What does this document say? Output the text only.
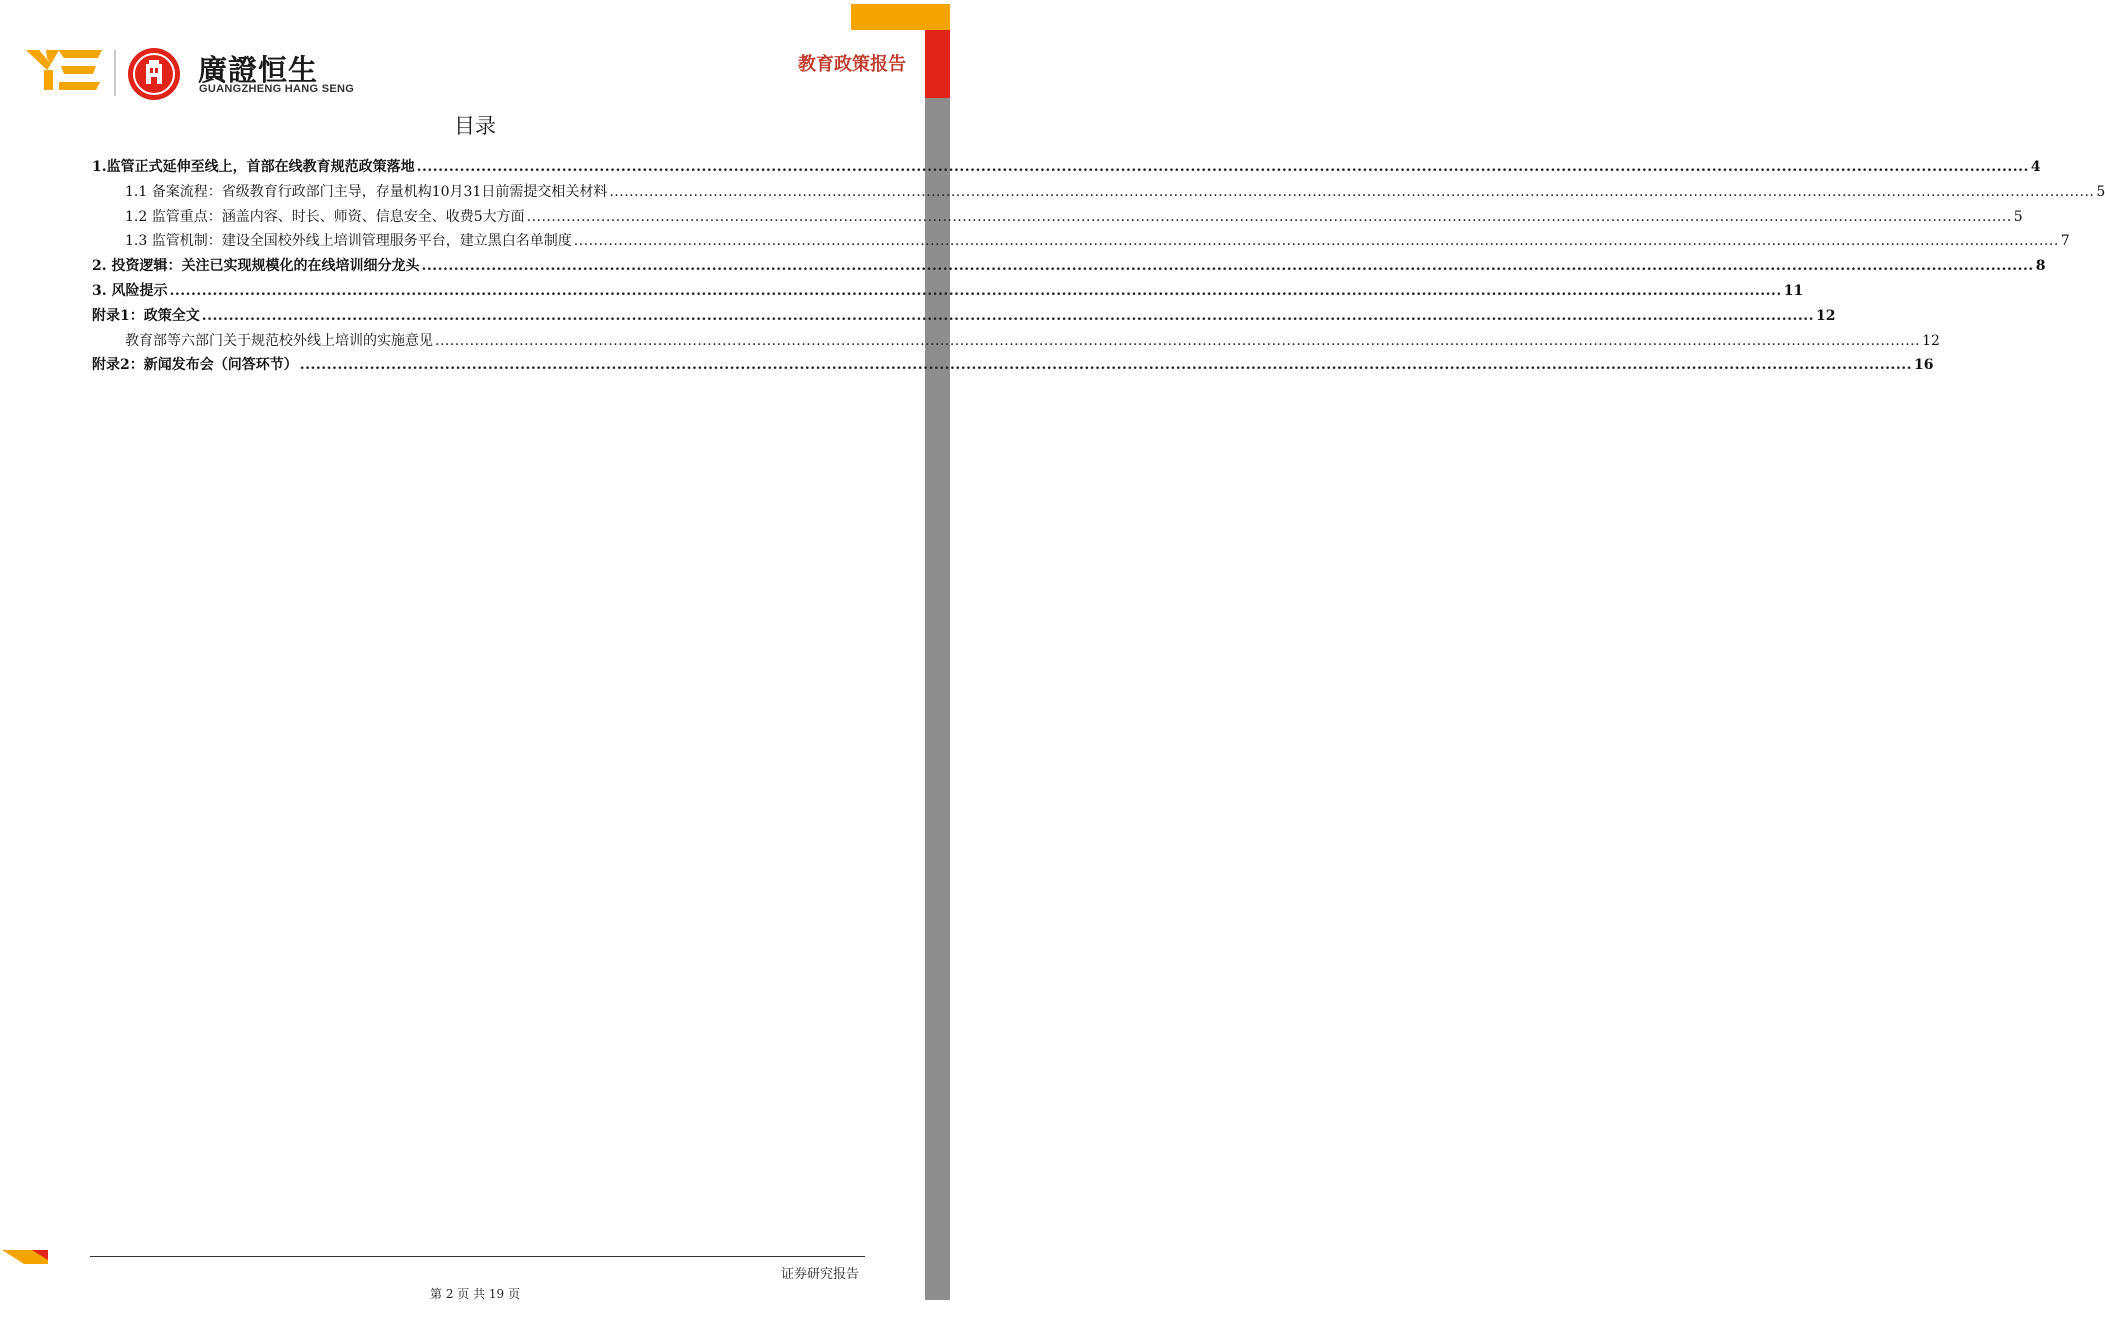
廣證恒生
GUANGZHENG HANG SENG
教育政策报告
目录
1.监管正式延伸至线上，首部在线教育规范政策落地 ............................................................................................................................................................................................................................................................................................................ 4
1.1 备案流程：省级教育行政部门主导，存量机构10月31日前需提交相关材料 ............................................................................................................................................................................................................................................................................................................ 5
1.2 监管重点：涵盖内容、时长、师资、信息安全、收费5大方面 ............................................................................................................................................................................................................................................................................................................ 5
1.3 监管机制：建设全国校外线上培训管理服务平台，建立黑白名单制度 ............................................................................................................................................................................................................................................................................................................ 7
2. 投资逻辑：关注已实现规模化的在线培训细分龙头 ............................................................................................................................................................................................................................................................................................................ 8
3. 风险提示 ............................................................................................................................................................................................................................................................................................................ 11
附录1：政策全文 ............................................................................................................................................................................................................................................................................................................ 12
教育部等六部门关于规范校外线上培训的实施意见 ............................................................................................................................................................................................................................................................................................................ 12
附录2：新闻发布会（问答环节） ............................................................................................................................................................................................................................................................................................................ 16
证券研究报告
第 2 页 共 19 页
